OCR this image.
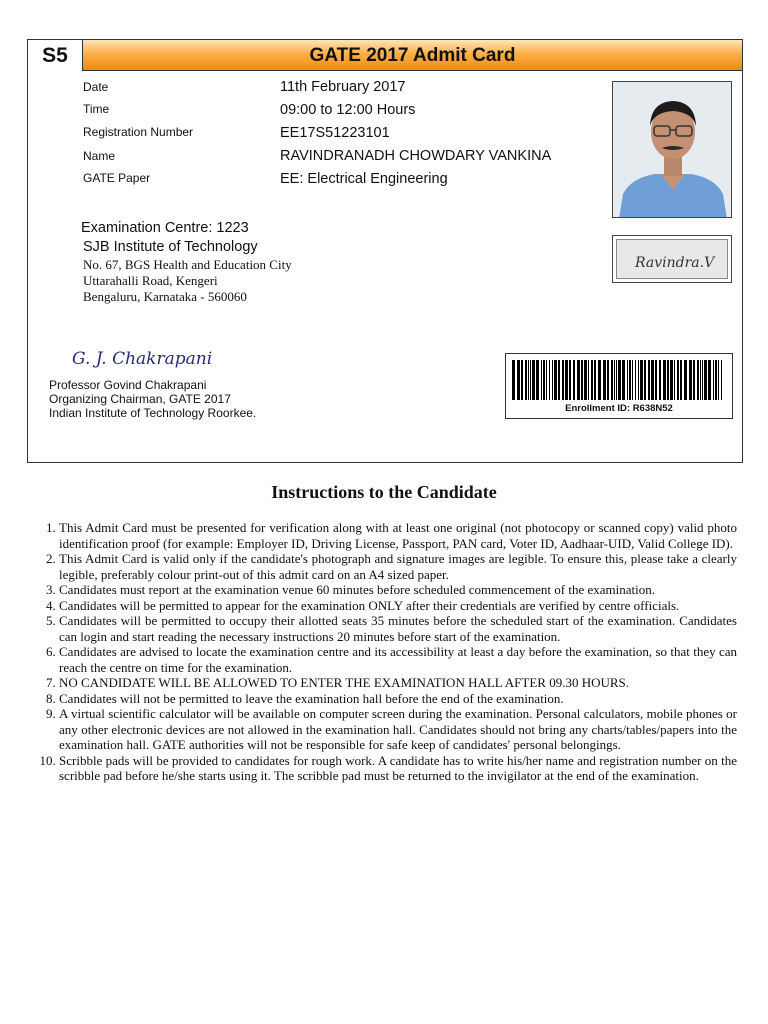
S5	GATE 2017 Admit Card
Date	11th February 2017
Time	09:00 to 12:00 Hours
Registration Number	EE17S51223101
Name	RAVINDRANADH CHOWDARY VANKINA
GATE Paper	EE: Electrical Engineering
Ravindra.V
Examination Centre: 1223
SJB Institute of Technology
No. 67, BGS Health and Education City
Uttarahalli Road, Kengeri
Bengaluru, Karnataka - 560060
G. J. Chakrapani
Professor Govind Chakrapani
Organizing Chairman, GATE 2017
Indian Institute of Technology Roorkee.	Enrollment ID: R638N52
Instructions to the Candidate
1. This Admit Card must be presented for verification along with at least one original (not photocopy or scanned copy) valid photo identification proof (for example: Employer ID, Driving License, Passport, PAN card, Voter ID, Aadhaar-UID, Valid College ID).
2. This Admit Card is valid only if the candidate's photograph and signature images are legible. To ensure this, please take a clearly legible, preferably colour print-out of this admit card on an A4 sized paper.
3. Candidates must report at the examination venue 60 minutes before scheduled commencement of the examination.
4. Candidates will be permitted to appear for the examination ONLY after their credentials are verified by centre officials.
5. Candidates will be permitted to occupy their allotted seats 35 minutes before the scheduled start of the examination. Candidates can login and start reading the necessary instructions 20 minutes before start of the examination.
6. Candidates are advised to locate the examination centre and its accessibility at least a day before the examination, so that they can reach the centre on time for the examination.
7. NO CANDIDATE WILL BE ALLOWED TO ENTER THE EXAMINATION HALL AFTER 09.30 HOURS.
8. Candidates will not be permitted to leave the examination hall before the end of the examination.
9. A virtual scientific calculator will be available on computer screen during the examination. Personal calculators, mobile phones or any other electronic devices are not allowed in the examination hall. Candidates should not bring any charts/tables/papers into the examination hall. GATE authorities will not be responsible for safe keep of candidates' personal belongings.
10. Scribble pads will be provided to candidates for rough work. A candidate has to write his/her name and registration number on the scribble pad before he/she starts using it. The scribble pad must be returned to the invigilator at the end of the examination.
